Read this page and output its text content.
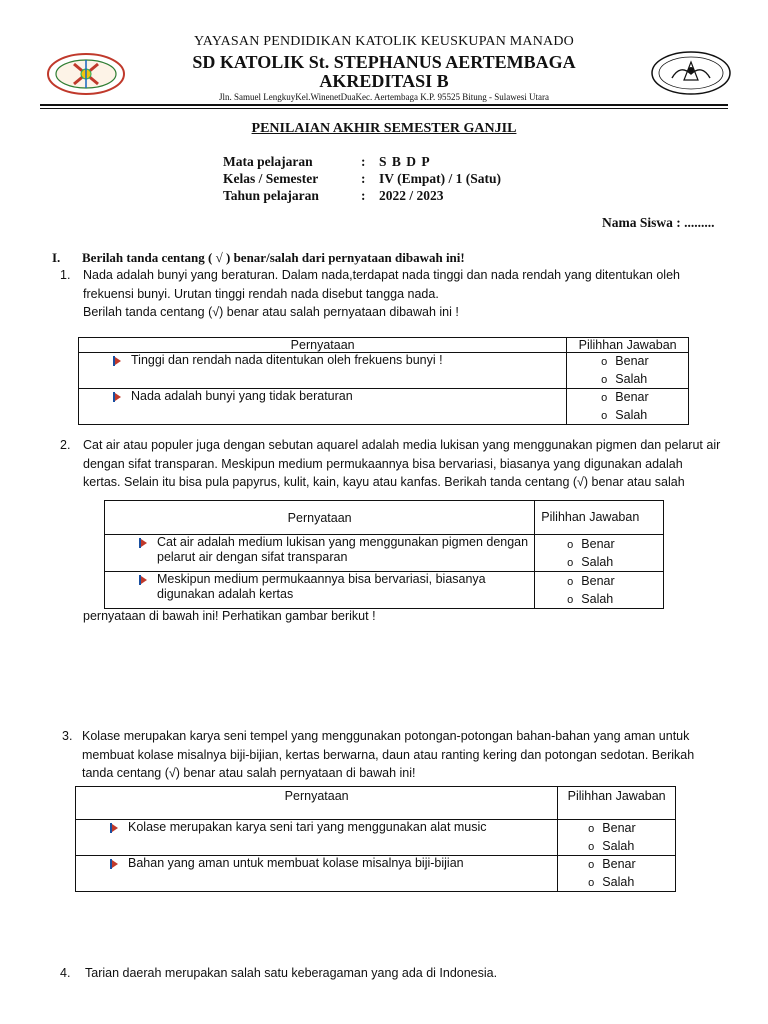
YAYASAN PENDIDIKAN KATOLIK KEUSKUPAN MANADO
SD KATOLIK St. STEPHANUS AERTEMBAGA
AKREDITASI B
Jln. Samuel LengkuyKel.WinenetDuaKec. Aertembaga K.P. 95525 Bitung - Sulawesi Utara
PENILAIAN AKHIR SEMESTER GANJIL
Mata pelajaran	: S B D P
Kelas / Semester	: IV (Empat) / 1 (Satu)
Tahun pelajaran	: 2022 / 2023
Nama Siswa : .........
I. Berilah tanda centang ( √ ) benar/salah dari pernyataan dibawah ini!
1. Nada adalah bunyi yang beraturan. Dalam nada,terdapat nada tinggi dan nada rendah yang ditentukan oleh
frekuensi bunyi. Urutan tinggi rendah nada disebut tangga nada.
Berilah tanda centang (√) benar atau salah pernyataan dibawah ini !
Pernyataan	Pilihhan Jawaban

Tinggi dan rendah nada ditentukan oleh frekuens bunyi !	o Benar
o Salah

Nada adalah bunyi yang tidak beraturan	o Benar
o Salah
2. Cat air atau populer juga dengan sebutan aquarel adalah media lukisan yang menggunakan pigmen dan pelarut air
dengan sifat transparan. Meskipun medium permukaannya bisa bervariasi, biasanya yang digunakan adalah
kertas. Selain itu bisa pula papyrus, kulit, kain, kayu atau kanfas. Berikah tanda centang (√) benar atau salah
Pernyataan	Pilihhan Jawaban

Cat air adalah medium lukisan yang menggunakan pigmen dengan pelarut air dengan sifat transparan	o Benar
o Salah

Meskipun medium permukaannya bisa bervariasi, biasanya digunakan adalah kertas	o Benar
o Salah
pernyataan di bawah ini! Perhatikan gambar berikut !
3. Kolase merupakan karya seni tempel yang menggunakan potongan-potongan bahan-bahan yang aman untuk
membuat kolase misalnya biji-bijian, kertas berwarna, daun atau ranting kering dan potongan sedotan. Berikah
tanda centang (√) benar atau salah pernyataan di bawah ini!
Pernyataan	Pilihhan Jawaban

Kolase merupakan karya seni tari yang menggunakan alat music	o Benar
o Salah

Bahan yang aman untuk membuat kolase misalnya biji-bijian	o Benar
o Salah
4. Tarian daerah merupakan salah satu keberagaman yang ada di Indonesia.
